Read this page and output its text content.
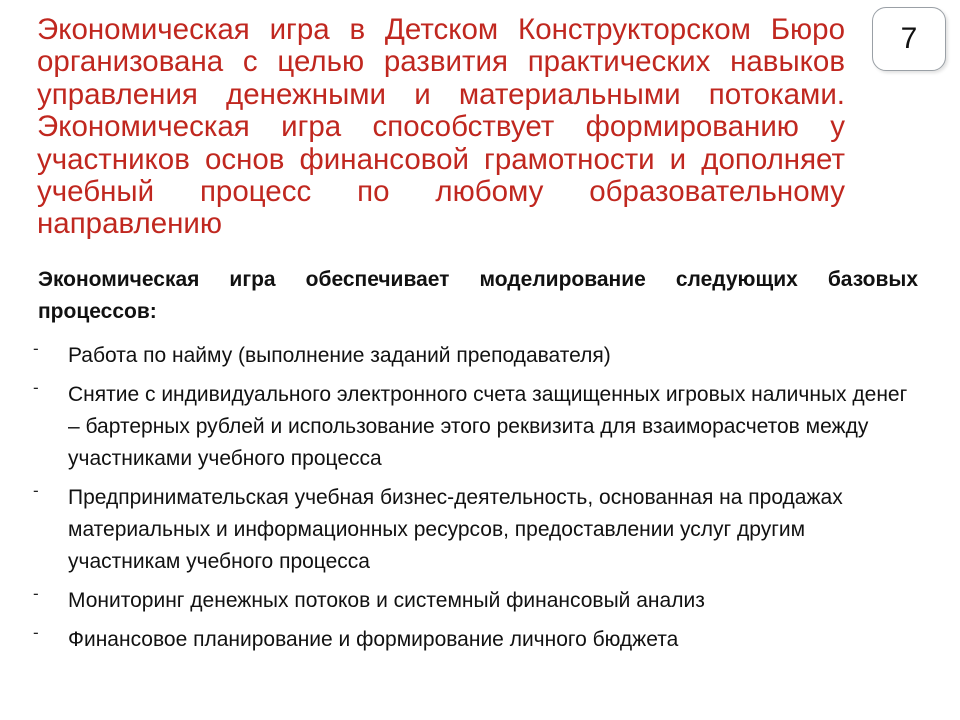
Экономическая игра в Детском Конструкторском Бюро организована с целью развития практических навыков управления денежными и материальными потоками. Экономическая игра способствует формированию у участников основ финансовой грамотности и дополняет учебный процесс по любому образовательному направлению

7

Экономическая игра обеспечивает моделирование следующих базовых процессов:

-	Работа по найму (выполнение заданий преподавателя)
-	Снятие с индивидуального электронного счета защищенных игровых наличных денег – бартерных рублей и использование этого реквизита для взаиморасчетов между участниками учебного процесса
-	Предпринимательская учебная бизнес-деятельность, основанная на продажах материальных и информационных ресурсов, предоставлении услуг другим участникам учебного процесса
-	Мониторинг денежных потоков и системный финансовый анализ
-	Финансовое планирование и формирование личного бюджета
